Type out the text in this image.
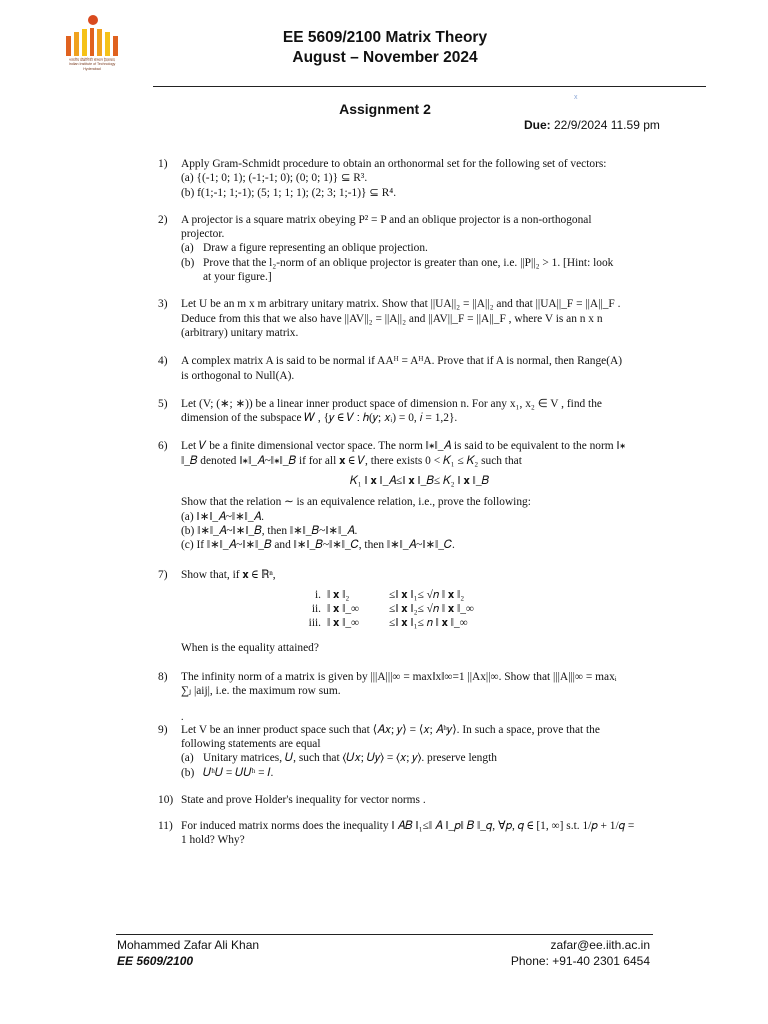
भारतीय प्रौद्योगिकी संस्थान हैदराबाद
Indian Institute of Technology Hyderabad
EE 5609/2100 Matrix Theory
August – November 2024
Assignment 2
x
Due: 22/9/2024 11.59 pm
1) Apply Gram-Schmidt procedure to obtain an orthonormal set for the following set of vectors:
(a) {(-1; 0; 1); (-1;-1; 0); (0; 0; 1)} ⊆ R³.
(b) f(1;-1; 1;-1); (5; 1; 1; 1); (2; 3; 1;-1)} ⊆ R⁴.
2) A projector is a square matrix obeying P² = P and an oblique projector is a non-orthogonal
projector.
(a) Draw a figure representing an oblique projection.
(b) Prove that the l₂-norm of an oblique projector is greater than one, i.e. ||P||₂ > 1. [Hint: look
at your figure.]
3) Let U be an m x m arbitrary unitary matrix. Show that ||UA||₂ = ||A||₂ and that ||UA||_F = ||A||_F .
Deduce from this that we also have ||AV||₂ = ||A||₂ and ||AV||_F = ||A||_F , where V is an n x n
(arbitrary) unitary matrix.
4) A complex matrix A is said to be normal if AAᴴ = AᴴA. Prove that if A is normal, then Range(A)
is orthogonal to Null(A).
5) Let (V; (∗; ∗)) be a linear inner product space of dimension n. For any x₁, x₂ ∈ V , find the
dimension of the subspace 𝑊 , {𝑦 ∈ 𝑉 ∶ ℎ(𝑦; 𝑥ᵢ) = 0, 𝑖 = 1,2}.
6) Let 𝑉 be a finite dimensional vector space. The norm ‖∗‖_𝐴 is said to be equivalent to the norm ‖∗
‖_𝐵 denoted ‖∗‖_𝐴~‖∗‖_𝐵 if for all 𝐱 ∈ 𝑉, there exists 0 < 𝐾₁ ≤ 𝐾₂ such that
𝐾₁ ‖ 𝐱 ‖_𝐴≤‖ 𝐱 ‖_𝐵≤ 𝐾₂ ‖ 𝐱 ‖_𝐵
Show that the relation ∼ is an equivalence relation, i.e., prove the following:
(a) ‖∗‖_𝐴~‖∗‖_𝐴.
(b) ‖∗‖_𝐴~‖∗‖_𝐵, then ‖∗‖_𝐵~‖∗‖_𝐴.
(c) If ‖∗‖_𝐴~‖∗‖_𝐵 and ‖∗‖_𝐵~‖∗‖_𝐶, then ‖∗‖_𝐴~‖∗‖_𝐶.
7) Show that, if 𝐱 ∈ ℝⁿ,
i. ‖ 𝐱 ‖₂	≤‖ 𝐱 ‖₁≤ √𝑛 ‖ 𝐱 ‖₂
ii. ‖ 𝐱 ‖_∞	≤‖ 𝐱 ‖₂≤ √𝑛 ‖ 𝐱 ‖_∞
iii. ‖ 𝐱 ‖_∞	≤‖ 𝐱 ‖₁≤ 𝑛 ‖ 𝐱 ‖_∞
When is the equality attained?
8) The infinity norm of a matrix is given by |||A|||∞ = max‖x‖∞=1 ||Ax||∞. Show that |||A|||∞ = maxᵢ
∑ⱼ |aij|, i.e. the maximum row sum.
.
9) Let V be an inner product space such that ⟨𝐴𝑥; 𝑦⟩ = ⟨𝑥; 𝐴ʰ𝑦⟩. In such a space, prove that the
following statements are equal
(a) Unitary matrices, 𝑈, such that ⟨𝑈𝑥; 𝑈𝑦⟩ = ⟨𝑥; 𝑦⟩. preserve length
(b) 𝑈ʰ𝑈 = 𝑈𝑈ʰ = 𝐼.
10) State and prove Holder's inequality for vector norms .
11) For induced matrix norms does the inequality ‖ 𝐴𝐵 ‖₁≤‖ 𝐴 ‖_𝑝‖ 𝐵 ‖_𝑞, ∀𝑝, 𝑞 ∈ [1, ∞] s.t. 1/𝑝 + 1/𝑞 =
1 hold? Why?
Mohammed Zafar Ali Khan
EE 5609/2100
zafar@ee.iith.ac.in
Phone: +91-40 2301 6454
